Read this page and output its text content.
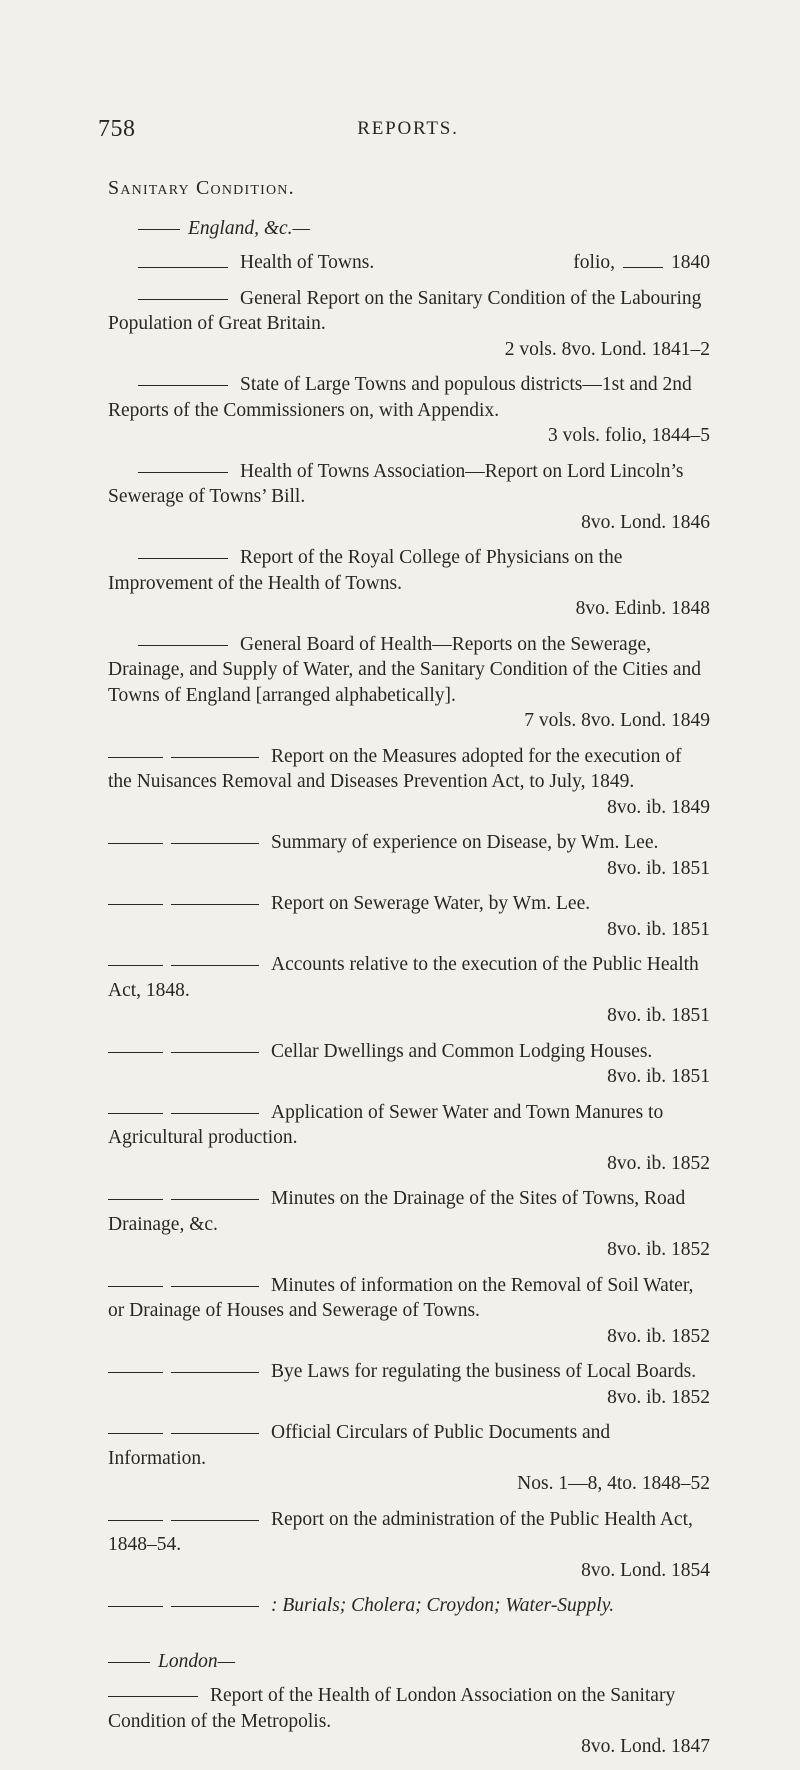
758	REPORTS.
Sanitary Condition.
England, &c.—
Health of Towns.	folio,	1840
General Report on the Sanitary Condition of the Labouring Population of Great Britain.
2 vols. 8vo. Lond. 1841–2
State of Large Towns and populous districts—1st and 2nd Reports of the Commissioners on, with Appendix.
3 vols. folio, 1844–5
Health of Towns Association—Report on Lord Lincoln’s Sewerage of Towns’ Bill.
8vo. Lond. 1846
Report of the Royal College of Physicians on the Improvement of the Health of Towns.
8vo. Edinb. 1848
General Board of Health—Reports on the Sewerage, Drainage, and Supply of Water, and the Sanitary Condition of the Cities and Towns of England [arranged alphabetically].
7 vols. 8vo. Lond. 1849
Report on the Measures adopted for the execution of the Nuisances Removal and Diseases Prevention Act, to July, 1849.
8vo. ib. 1849
Summary of experience on Disease, by Wm. Lee.
8vo. ib. 1851
Report on Sewerage Water, by Wm. Lee.
8vo. ib. 1851
Accounts relative to the execution of the Public Health Act, 1848.
8vo. ib. 1851
Cellar Dwellings and Common Lodging Houses.
8vo. ib. 1851
Application of Sewer Water and Town Manures to Agricultural production.
8vo. ib. 1852
Minutes on the Drainage of the Sites of Towns, Road Drainage, &c.
8vo. ib. 1852
Minutes of information on the Removal of Soil Water, or Drainage of Houses and Sewerage of Towns.
8vo. ib. 1852
Bye Laws for regulating the business of Local Boards.
8vo. ib. 1852
Official Circulars of Public Documents and Information.
Nos. 1—8, 4to. 1848–52
Report on the administration of the Public Health Act, 1848–54.
8vo. Lond. 1854
: Burials; Cholera; Croydon; Water-Supply.
London—
Report of the Health of London Association on the Sanitary Condition of the Metropolis.
8vo. Lond. 1847
